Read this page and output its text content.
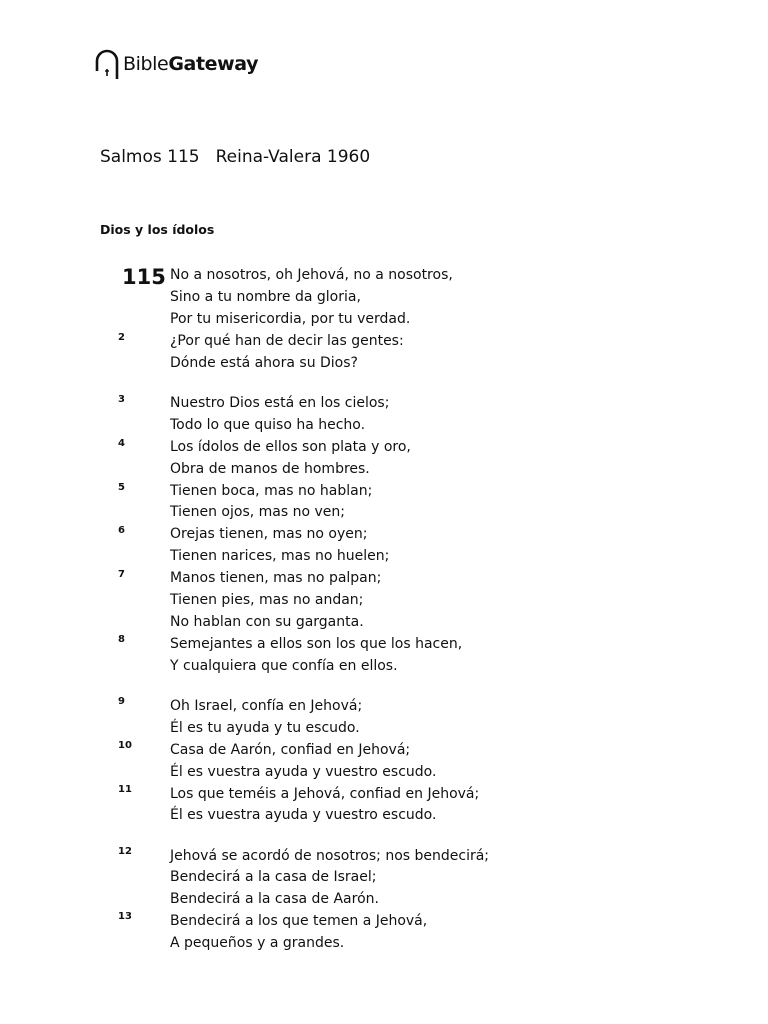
BibleGateway
Salmos 115 Reina-Valera 1960
Dios y los ídolos
115
2
3
4
5
6
7
8
9
10
11
12
13
No a nosotros, oh Jehová, no a nosotros,
Sino a tu nombre da gloria,
Por tu misericordia, por tu verdad.
¿Por qué han de decir las gentes:
Dónde está ahora su Dios?
Nuestro Dios está en los cielos;
Todo lo que quiso ha hecho.
Los ídolos de ellos son plata y oro,
Obra de manos de hombres.
Tienen boca, mas no hablan;
Tienen ojos, mas no ven;
Orejas tienen, mas no oyen;
Tienen narices, mas no huelen;
Manos tienen, mas no palpan;
Tienen pies, mas no andan;
No hablan con su garganta.
Semejantes a ellos son los que los hacen,
Y cualquiera que confía en ellos.
Oh Israel, confía en Jehová;
Él es tu ayuda y tu escudo.
Casa de Aarón, confiad en Jehová;
Él es vuestra ayuda y vuestro escudo.
Los que teméis a Jehová, confiad en Jehová;
Él es vuestra ayuda y vuestro escudo.
Jehová se acordó de nosotros; nos bendecirá;
Bendecirá a la casa de Israel;
Bendecirá a la casa de Aarón.
Bendecirá a los que temen a Jehová,
A pequeños y a grandes.
